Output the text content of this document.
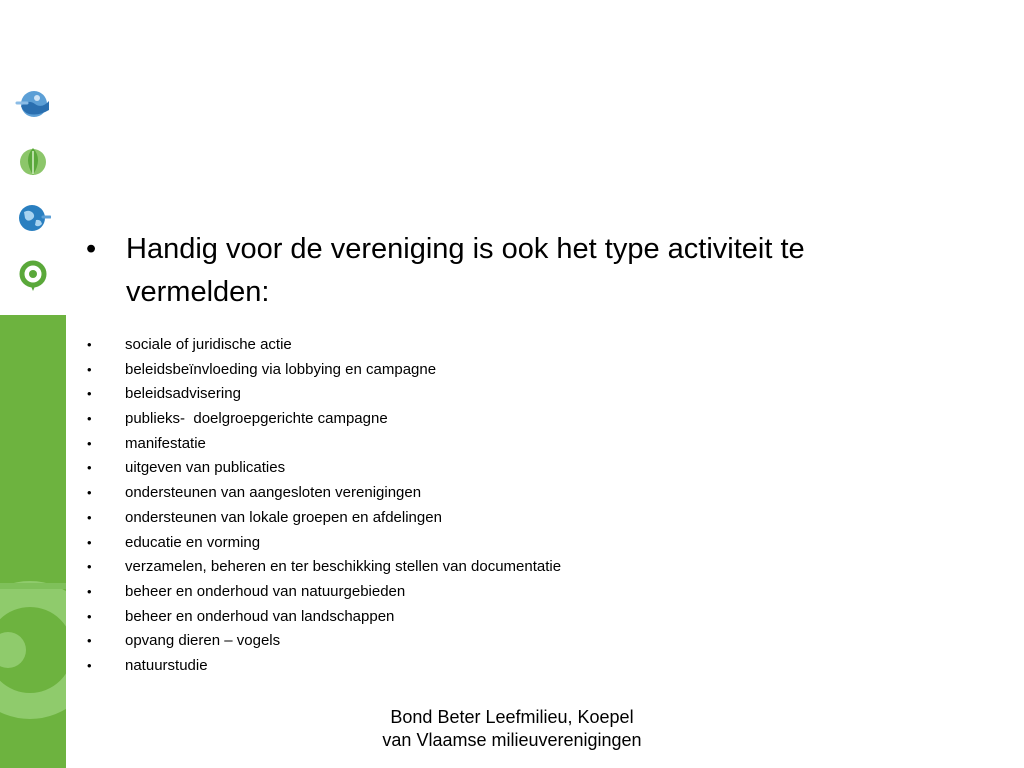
• Handig voor de vereniging is ook het type activiteit te vermelden:
• sociale of juridische actie
• beleidsbeïnvloeding via lobbying en campagne
• beleidsadvisering
• publieks-  doelgroepgerichte campagne
• manifestatie
• uitgeven van publicaties
• ondersteunen van aangesloten verenigingen
• ondersteunen van lokale groepen en afdelingen
• educatie en vorming
• verzamelen, beheren en ter beschikking stellen van documentatie
• beheer en onderhoud van natuurgebieden
• beheer en onderhoud van landschappen
• opvang dieren – vogels
• natuurstudie
Bond Beter Leefmilieu, Koepel
van Vlaamse milieuverenigingen
